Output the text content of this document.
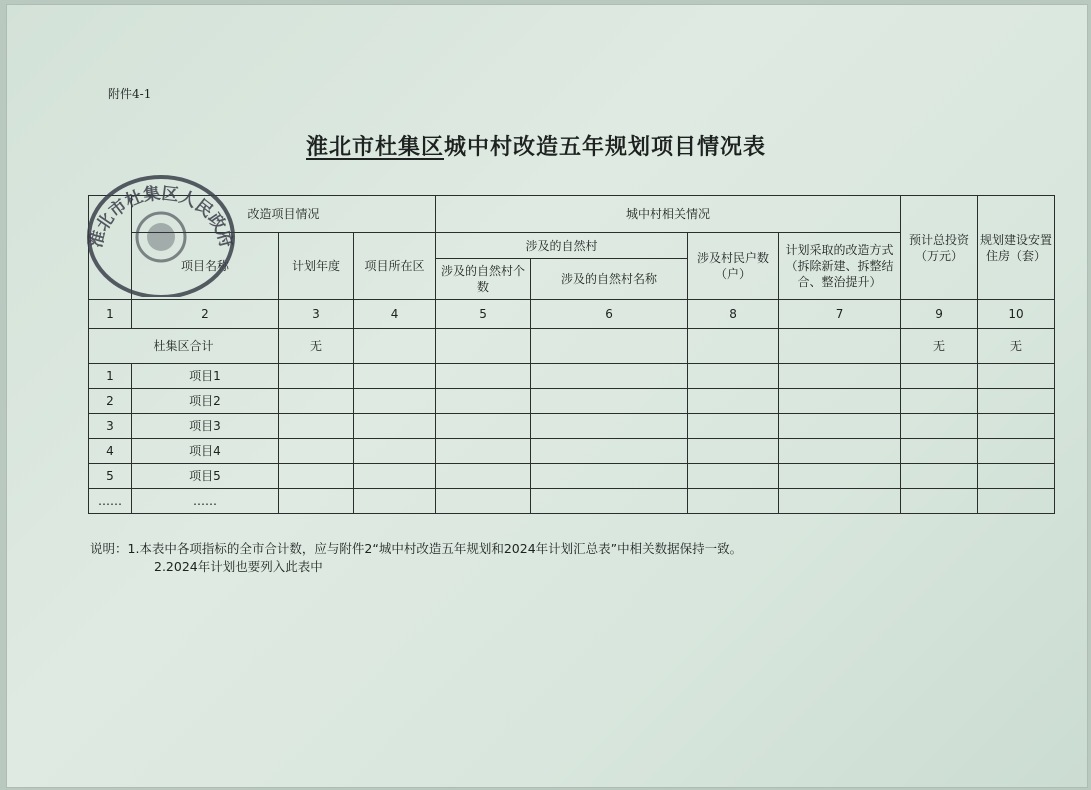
附件4-1
淮北市杜集区城中村改造五年规划项目情况表
	改造项目情况			城中村相关情况				预计总投资（万元）	规划建设安置住房（套）
	项目名称	计划年度	项目所在区	涉及的自然村		涉及村民户数（户）	计划采取的改造方式（拆除新建、拆整结合、整治提升）		
				涉及的自然村个数	涉及的自然村名称				
1	2	3	4	5	6	8	7	9	10
杜集区合计		无						无	无
1	项目1								
2	项目2								
3	项目3								
4	项目4								
5	项目5								
……	……								
说明：1.本表中各项指标的全市合计数，应与附件2“城中村改造五年规划和2024年计划汇总表”中相关数据保持一致。
2.2024年计划也要列入此表中
淮北市杜集区人民政府
